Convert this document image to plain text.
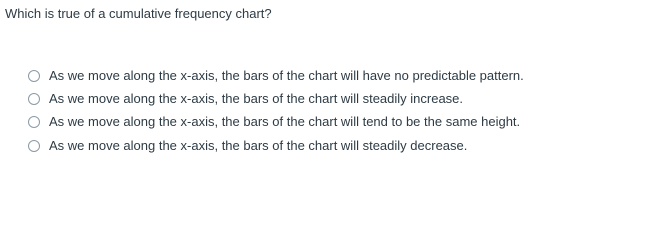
Which is true of a cumulative frequency chart?
As we move along the x-axis, the bars of the chart will have no predictable pattern.
As we move along the x-axis, the bars of the chart will steadily increase.
As we move along the x-axis, the bars of the chart will tend to be the same height.
As we move along the x-axis, the bars of the chart will steadily decrease.
